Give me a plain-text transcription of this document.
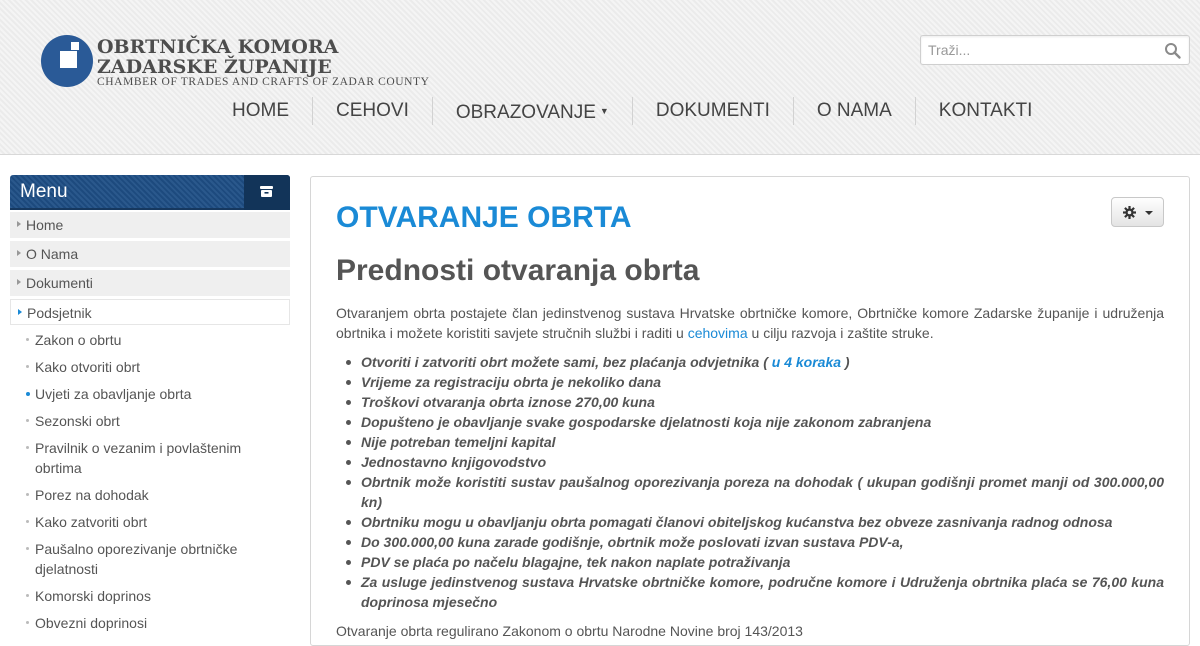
OBRTNIČKA KOMORA
ZADARSKE ŽUPANIJE
CHAMBER OF TRADES AND CRAFTS OF ZADAR COUNTY
Traži...
HOME	CEHOVI	OBRAZOVANJE ▼	DOKUMENTI	O NAMA	KONTAKTI
Menu
Home
O Nama
Dokumenti
Podsjetnik
Zakon o obrtu
Kako otvoriti obrt
Uvjeti za obavljanje obrta
Sezonski obrt
Pravilnik o vezanim i povlaštenim obrtima
Porez na dohodak
Kako zatvoriti obrt
Paušalno oporezivanje obrtničke djelatnosti
Komorski doprinos
Obvezni doprinosi
OTVARANJE OBRTA
Prednosti otvaranja obrta

Otvaranjem obrta postajete član jedinstvenog sustava Hrvatske obrtničke komore, Obrtničke komore Zadarske županije i udruženja obrtnika i možete koristiti savjete stručnih službi i raditi u cehovima u cilju razvoja i zaštite struke.

Otvoriti i zatvoriti obrt možete sami, bez plaćanja odvjetnika ( u 4 koraka )
Vrijeme za registraciju obrta je nekoliko dana
Troškovi otvaranja obrta iznose 270,00 kuna
Dopušteno je obavljanje svake gospodarske djelatnosti koja nije zakonom zabranjena
Nije potreban temeljni kapital
Jednostavno knjigovodstvo
Obrtnik može koristiti sustav paušalnog oporezivanja poreza na dohodak ( ukupan godišnji promet manji od 300.000,00 kn)
Obrtniku mogu u obavljanju obrta pomagati članovi obiteljskog kućanstva bez obveze zasnivanja radnog odnosa
Do 300.000,00 kuna zarade godišnje, obrtnik može poslovati izvan sustava PDV-a,
PDV se plaća po načelu blagajne, tek nakon naplate potraživanja
Za usluge jedinstvenog sustava Hrvatske obrtničke komore, područne komore i Udruženja obrtnika plaća se 76,00 kuna doprinosa mjesečno

Otvaranje obrta regulirano Zakonom o obrtu Narodne Novine broj 143/2013
